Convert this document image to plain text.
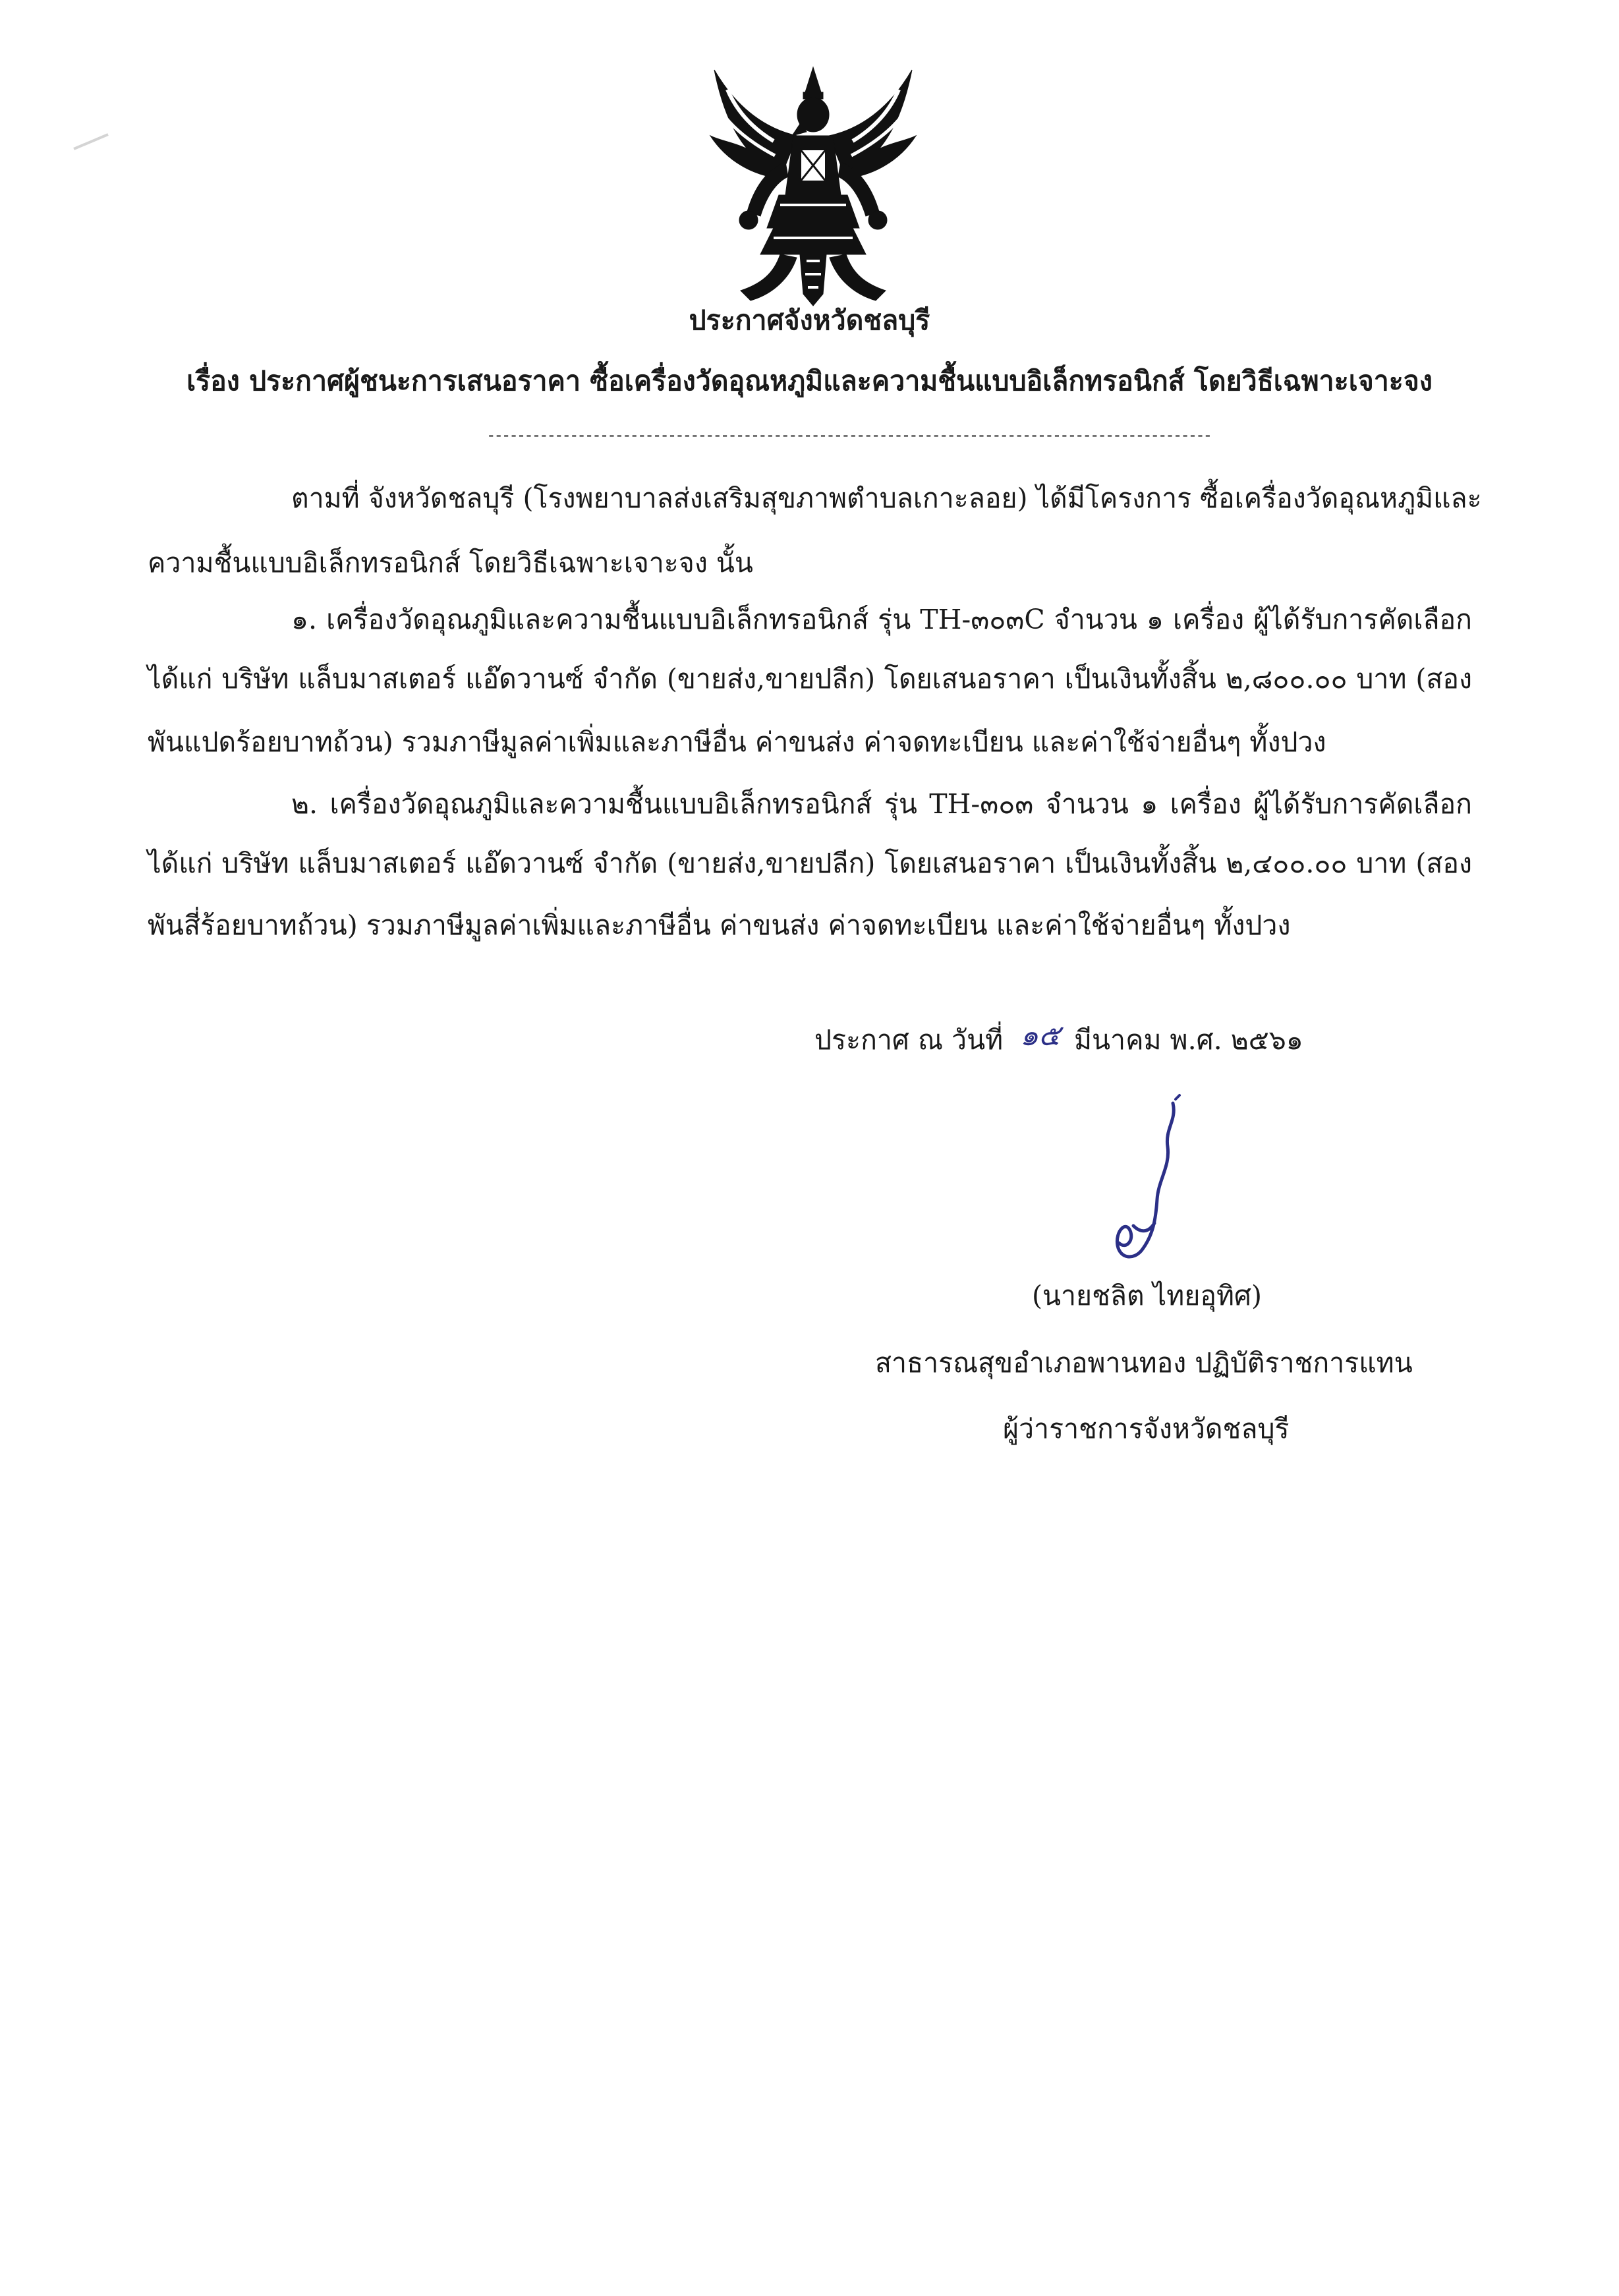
ประกาศจังหวัดชลบุรี
เรื่อง ประกาศผู้ชนะการเสนอราคา ซื้อเครื่องวัดอุณหภูมิและความชื้นแบบอิเล็กทรอนิกส์ โดยวิธีเฉพาะเจาะจง
------------------------------------------------------------------------------------------------
ตามที่ จังหวัดชลบุรี (โรงพยาบาลส่งเสริมสุขภาพตำบลเกาะลอย) ได้มีโครงการ ซื้อเครื่องวัดอุณหภูมิและ
ความชื้นแบบอิเล็กทรอนิกส์ โดยวิธีเฉพาะเจาะจง นั้น
๑. เครื่องวัดอุณภูมิและความชื้นแบบอิเล็กทรอนิกส์ รุ่น TH-๓๐๓C จำนวน ๑ เครื่อง ผู้ได้รับการคัดเลือก
ได้แก่ บริษัท แล็บมาสเตอร์ แอ๊ดวานซ์ จำกัด (ขายส่ง,ขายปลีก) โดยเสนอราคา เป็นเงินทั้งสิ้น ๒,๘๐๐.๐๐ บาท (สอง
พันแปดร้อยบาทถ้วน) รวมภาษีมูลค่าเพิ่มและภาษีอื่น ค่าขนส่ง ค่าจดทะเบียน และค่าใช้จ่ายอื่นๆ ทั้งปวง
๒. เครื่องวัดอุณภูมิและความชื้นแบบอิเล็กทรอนิกส์ รุ่น TH-๓๐๓ จำนวน ๑ เครื่อง ผู้ได้รับการคัดเลือก
ได้แก่ บริษัท แล็บมาสเตอร์ แอ๊ดวานซ์ จำกัด (ขายส่ง,ขายปลีก) โดยเสนอราคา เป็นเงินทั้งสิ้น ๒,๔๐๐.๐๐ บาท (สอง
พันสี่ร้อยบาทถ้วน) รวมภาษีมูลค่าเพิ่มและภาษีอื่น ค่าขนส่ง ค่าจดทะเบียน และค่าใช้จ่ายอื่นๆ ทั้งปวง
ประกาศ ณ วันที่ ๑๕ มีนาคม พ.ศ. ๒๕๖๑
(นายชลิต ไทยอุทิศ)
สาธารณสุขอำเภอพานทอง ปฏิบัติราชการแทน
ผู้ว่าราชการจังหวัดชลบุรี
